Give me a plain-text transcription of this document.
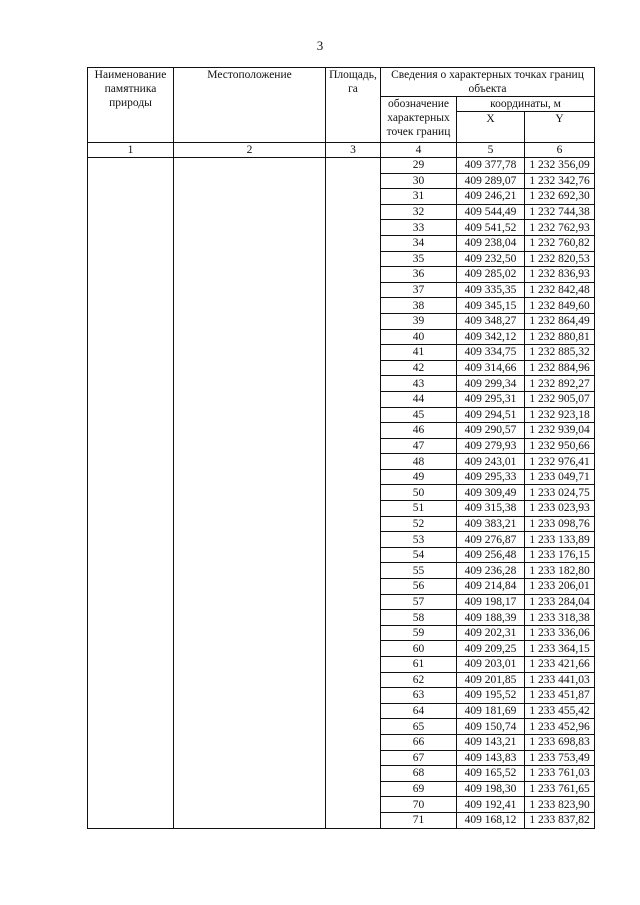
3
Наименование памятника природы	Местоположение	Площадь, га	Сведения о характерных точках границ объекта		
			обозначение характерных точек границ	координаты, м	
				X	Y
1	2	3	4	5	6
			29	409 377,78	1 232 356,09
			30	409 289,07	1 232 342,76
			31	409 246,21	1 232 692,30
			32	409 544,49	1 232 744,38
			33	409 541,52	1 232 762,93
			34	409 238,04	1 232 760,82
			35	409 232,50	1 232 820,53
			36	409 285,02	1 232 836,93
			37	409 335,35	1 232 842,48
			38	409 345,15	1 232 849,60
			39	409 348,27	1 232 864,49
			40	409 342,12	1 232 880,81
			41	409 334,75	1 232 885,32
			42	409 314,66	1 232 884,96
			43	409 299,34	1 232 892,27
			44	409 295,31	1 232 905,07
			45	409 294,51	1 232 923,18
			46	409 290,57	1 232 939,04
			47	409 279,93	1 232 950,66
			48	409 243,01	1 232 976,41
			49	409 295,33	1 233 049,71
			50	409 309,49	1 233 024,75
			51	409 315,38	1 233 023,93
			52	409 383,21	1 233 098,76
			53	409 276,87	1 233 133,89
			54	409 256,48	1 233 176,15
			55	409 236,28	1 233 182,80
			56	409 214,84	1 233 206,01
			57	409 198,17	1 233 284,04
			58	409 188,39	1 233 318,38
			59	409 202,31	1 233 336,06
			60	409 209,25	1 233 364,15
			61	409 203,01	1 233 421,66
			62	409 201,85	1 233 441,03
			63	409 195,52	1 233 451,87
			64	409 181,69	1 233 455,42
			65	409 150,74	1 233 452,96
			66	409 143,21	1 233 698,83
			67	409 143,83	1 233 753,49
			68	409 165,52	1 233 761,03
			69	409 198,30	1 233 761,65
			70	409 192,41	1 233 823,90
			71	409 168,12	1 233 837,82
